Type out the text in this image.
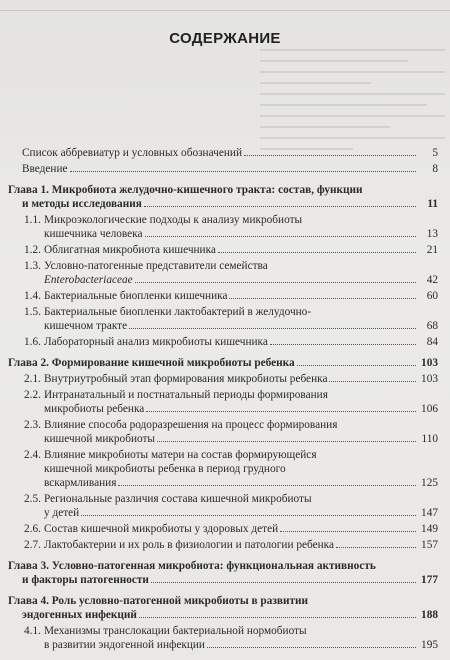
СОДЕРЖАНИЕ
Список аббревиатур и условных обозначений	5
Введение	8
Глава 1. Микробиота желудочно-кишечного тракта: состав, функции
и методы исследования	11
1.1. Микроэкологические подходы к анализу микробиоты
кишечника человека	13
1.2. Облигатная микробиота кишечника	21
1.3. Условно-патогенные представители семейства
Enterobacteriaceae	42
1.4. Бактериальные биопленки кишечника	60
1.5. Бактериальные биопленки лактобактерий в желудочно-
кишечном тракте	68
1.6. Лабораторный анализ микробиоты кишечника	84
Глава 2. Формирование кишечной микробиоты ребенка	103
2.1. Внутриутробный этап формирования микробиоты ребенка	103
2.2. Интранатальный и постнатальный периоды формирования
микробиоты ребенка	106
2.3. Влияние способа родоразрешения на процесс формирования
кишечной микробиоты	110
2.4. Влияние микробиоты матери на состав формирующейся
кишечной микробиоты ребенка в период грудного
вскармливания	125
2.5. Региональные различия состава кишечной микробиоты
у детей	147
2.6. Состав кишечной микробиоты у здоровых детей	149
2.7. Лактобактерии и их роль в физиологии и патологии ребенка	157
Глава 3. Условно-патогенная микробиота: функциональная активность
и факторы патогенности	177
Глава 4. Роль условно-патогенной микробиоты в развитии
эндогенных инфекций	188
4.1. Механизмы транслокации бактериальной нормобиоты
в развитии эндогенной инфекции	195
